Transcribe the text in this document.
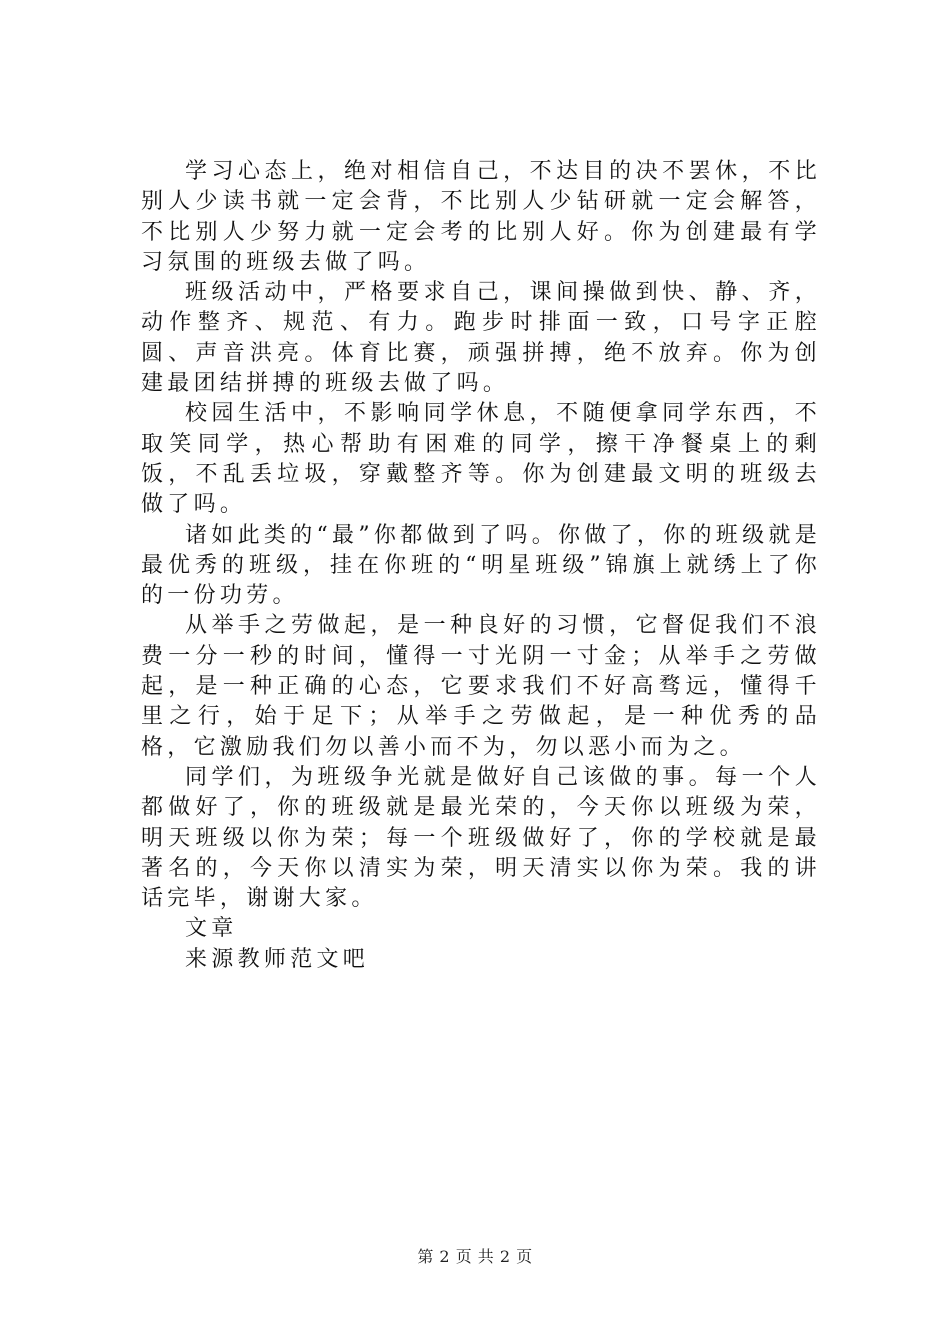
学习心态上，绝对相信自己，不达目的决不罢休，不比别人少读书就一定会背，不比别人少钻研就一定会解答，不比别人少努力就一定会考的比别人好。你为创建最有学习氛围的班级去做了吗。

班级活动中，严格要求自己，课间操做到快、静、齐，动作整齐、规范、有力。跑步时排面一致，口号字正腔圆、声音洪亮。体育比赛，顽强拼搏，绝不放弃。你为创建最团结拼搏的班级去做了吗。

校园生活中，不影响同学休息，不随便拿同学东西，不取笑同学，热心帮助有困难的同学，擦干净餐桌上的剩饭，不乱丢垃圾，穿戴整齐等。你为创建最文明的班级去做了吗。

诸如此类的“最”你都做到了吗。你做了，你的班级就是最优秀的班级，挂在你班的“明星班级”锦旗上就绣上了你的一份功劳。

从举手之劳做起，是一种良好的习惯，它督促我们不浪费一分一秒的时间，懂得一寸光阴一寸金；从举手之劳做起，是一种正确的心态，它要求我们不好高骛远，懂得千里之行，始于足下；从举手之劳做起，是一种优秀的品格，它激励我们勿以善小而不为，勿以恶小而为之。

同学们，为班级争光就是做好自己该做的事。每一个人都做好了，你的班级就是最光荣的，今天你以班级为荣，明天班级以你为荣；每一个班级做好了，你的学校就是最著名的，今天你以清实为荣，明天清实以你为荣。我的讲话完毕，谢谢大家。

文章

来源教师范文吧

第 2 页 共 2 页
